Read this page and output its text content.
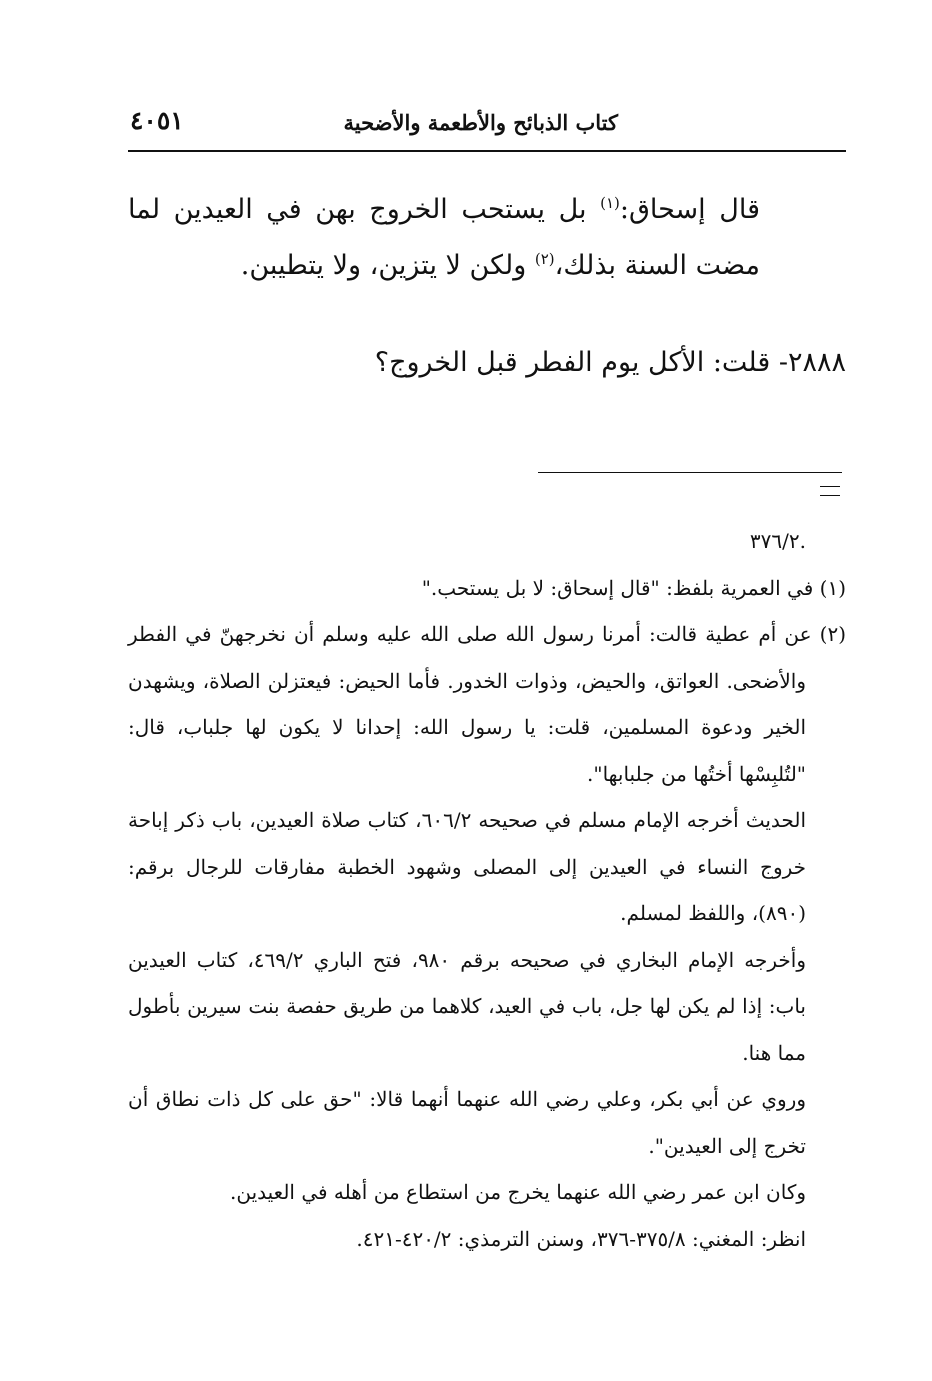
كتاب الذبائح والأطعمة والأضحية
٤٠٥١

قال إسحاق:$^{(١)}$ بل يستحب الخروج بهن في العيدين لما مضت السنة بذلك،$^{(٢)}$ ولكن لا يتزين، ولا يتطيبن.

٢٨٨٨- قلت: الأكل يوم الفطر قبل الخروج؟

.٣٧٦/٢

(١) في العمرية بلفظ: "قال إسحاق: لا بل يستحب."

(٢) عن أم عطية قالت: أمرنا رسول الله صلى الله عليه وسلم أن نخرجهنّ في الفطر والأضحى. العواتق، والحيض، وذوات الخدور. فأما الحيض: فيعتزلن الصلاة، ويشهدن الخير ودعوة المسلمين، قلت: يا رسول الله: إحدانا لا يكون لها جلباب، قال: "لتُلبِسْها أختُها من جلبابها".

الحديث أخرجه الإمام مسلم في صحيحه ٦٠٦/٢، كتاب صلاة العيدين، باب ذكر إباحة خروج النساء في العيدين إلى المصلى وشهود الخطبة مفارقات للرجال برقم: (٨٩٠)، واللفظ لمسلم.

وأخرجه الإمام البخاري في صحيحه برقم ٩٨٠، فتح الباري ٤٦٩/٢، كتاب العيدين باب: إذا لم يكن لها جل، باب في العيد، كلاهما من طريق حفصة بنت سيرين بأطول مما هنا.

وروي عن أبي بكر، وعلي رضي الله عنهما أنهما قالا: "حق على كل ذات نطاق أن تخرج إلى العيدين".

وكان ابن عمر رضي الله عنهما يخرج من استطاع من أهله في العيدين.

انظر: المغني: ٣٧٥/٨-٣٧٦، وسنن الترمذي: ٤٢٠/٢-٤٢١.
